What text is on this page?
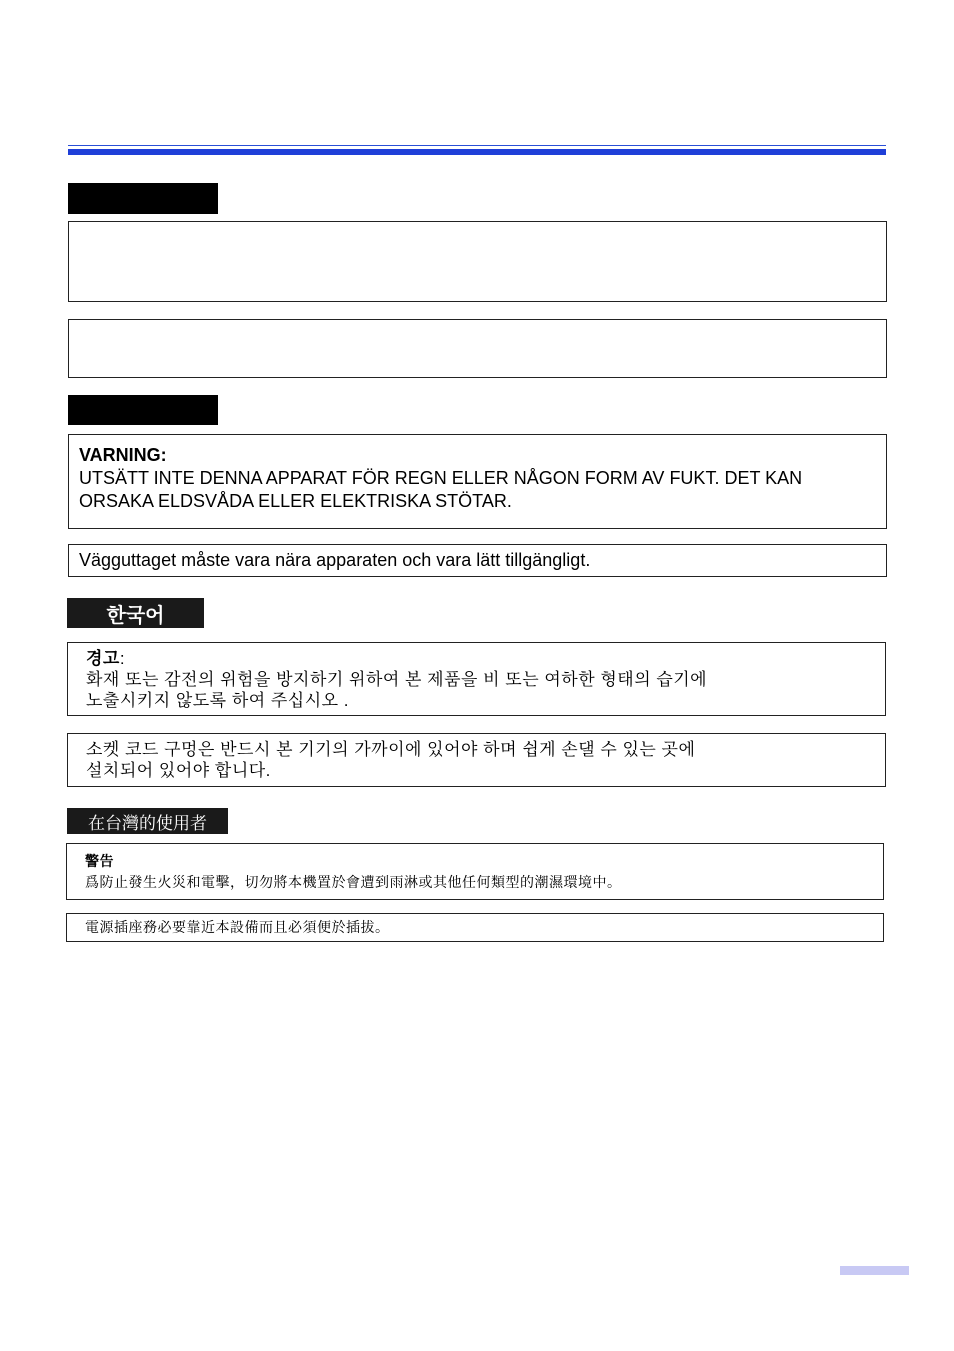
VARNING:
UTSÄTT INTE DENNA APPARAT FÖR REGN ELLER NÅGON FORM AV FUKT. DET KAN
ORSAKA ELDSVÅDA ELLER ELEKTRISKA STÖTAR.
Vägguttaget måste vara nära apparaten och vara lätt tillgängligt.
한국어
경고:
화재 또는 감전의 위험을 방지하기 위하여 본 제품을 비 또는 여하한 형태의 습기에
노출시키지 않도록 하여 주십시오 .
소켓 코드 구멍은 반드시 본 기기의 가까이에 있어야 하며 쉽게 손댈 수 있는 곳에
설치되어 있어야 합니다.
在台灣的使用者
警告
爲防止發生火災和電擊，切勿將本機置於會遭到雨淋或其他任何類型的潮濕環境中。
電源插座務必要靠近本設備而且必須便於插拔。
